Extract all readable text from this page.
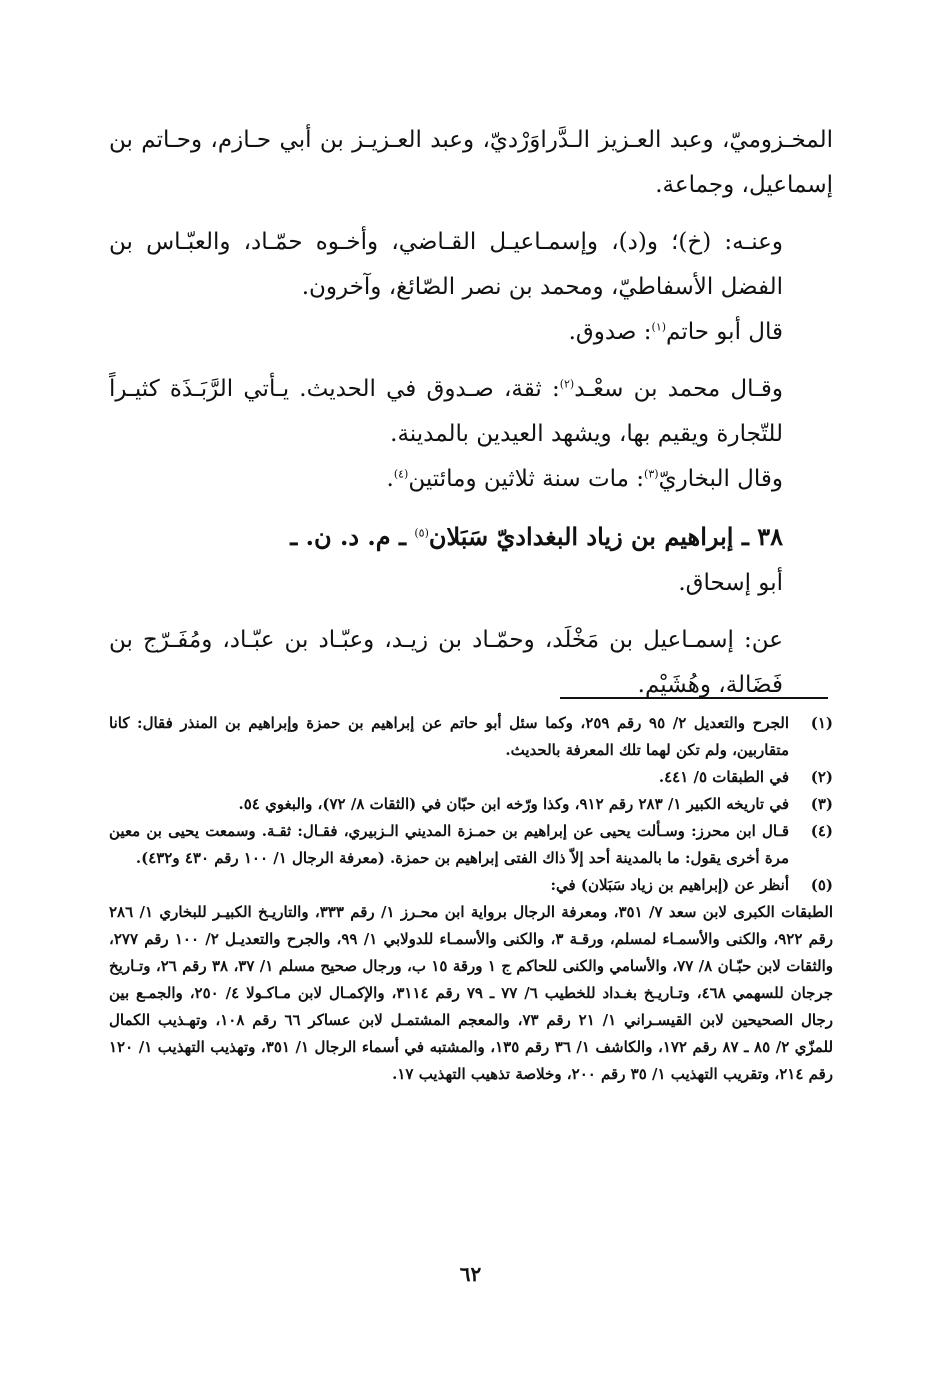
المخـزوميّ، وعبد العـزيز الـدَّراوَرْديّ، وعبد العـزيـز بن أبي حـازم، وحـاتم بن إسماعيل، وجماعة.

وعنـه: (خ)؛ و(د)، وإسمـاعيـل القـاضي، وأخـوه حمّـاد، والعبّـاس بن الفضل الأسفاطيّ، ومحمد بن نصر الصّائغ، وآخرون.

قال أبو حاتم$^{(١)}$: صدوق.

وقـال محمد بن سعْـد$^{(٢)}$: ثقة، صـدوق في الحديث. يـأتي الرَّبَـذَة كثيـراً للتّجارة ويقيم بها، ويشهد العيدين بالمدينة.

وقال البخاريّ$^{(٣)}$: مات سنة ثلاثين ومائتين$^{(٤)}$.

٣٨ ـ إبراهيم بن زياد البغداديّ سَبَلان$^{(٥)}$ ـ م. د. ن. ـ

أبو إسحاق.

عن: إسمـاعيل بن مَخْلَد، وحمّـاد بن زيـد، وعبّـاد بن عبّـاد، ومُفَـرّج بن فَضَالة، وهُشَيْم.

(١)
الجرح والتعديل ٢/ ٩٥ رقم ٢٥٩، وكما سئل أبو حاتم عن إبراهيم بن حمزة وإبراهيم بن المنذر فقال: كانا متقاربين، ولم تكن لهما تلك المعرفة بالحديث.
(٢)
في الطبقات ٥/ ٤٤١.
(٣)
في تاريخه الكبير ١/ ٢٨٣ رقم ٩١٢، وكذا ورّخه ابن حبّان في (الثقات ٨/ ٧٢)، والبغوي ٥٤.
(٤)
قـال ابن محرز: وسـألت يحيى عن إبراهيم بن حمـزة المديني الـزبيري، فقـال: ثقـة. وسمعت يحيى بن معين مرة أخرى يقول: ما بالمدينة أحد إلاّ ذاك الفتى إبراهيم بن حمزة. (معرفة الرجال ١/ ١٠٠ رقم ٤٣٠ و٤٣٢).
(٥)
أنظر عن (إبراهيم بن زياد سَبَلان) في:

الطبقات الكبرى لابن سعد ٧/ ٣٥١، ومعرفة الرجال برواية ابن محـرز ١/ رقم ٣٣٣، والتاريـخ الكبيـر للبخاري ١/ ٢٨٦ رقم ٩٢٢، والكنى والأسمـاء لمسلم، ورقـة ٣، والكنى والأسمـاء للدولابي ١/ ٩٩، والجرح والتعديـل ٢/ ١٠٠ رقم ٢٧٧، والثقات لابن حبّـان ٨/ ٧٧، والأسامي والكنى للحاكم ج ١ ورقة ١٥ ب، ورجال صحيح مسلم ١/ ٣٧، ٣٨ رقم ٢٦، وتـاريخ جرجان للسهمي ٤٦٨، وتـاريـخ بغـداد للخطيب ٦/ ٧٧ ـ ٧٩ رقم ٣١١٤، والإكمـال لابن مـاكـولا ٤/ ٢٥٠، والجمـع بين رجال الصحيحين لابن القيسـراني ١/ ٢١ رقم ٧٣، والمعجم المشتمـل لابن عساكر ٦٦ رقم ١٠٨، وتهـذيب الكمال للمزّي ٢/ ٨٥ ـ ٨٧ رقم ١٧٢، والكاشف ١/ ٣٦ رقم ١٣٥، والمشتبه في أسماء الرجال ١/ ٣٥١، وتهذيب التهذيب ١/ ١٢٠ رقم ٢١٤، وتقريب التهذيب ١/ ٣٥ رقم ٢٠٠، وخلاصة تذهيب التهذيب ١٧.

٦٢
